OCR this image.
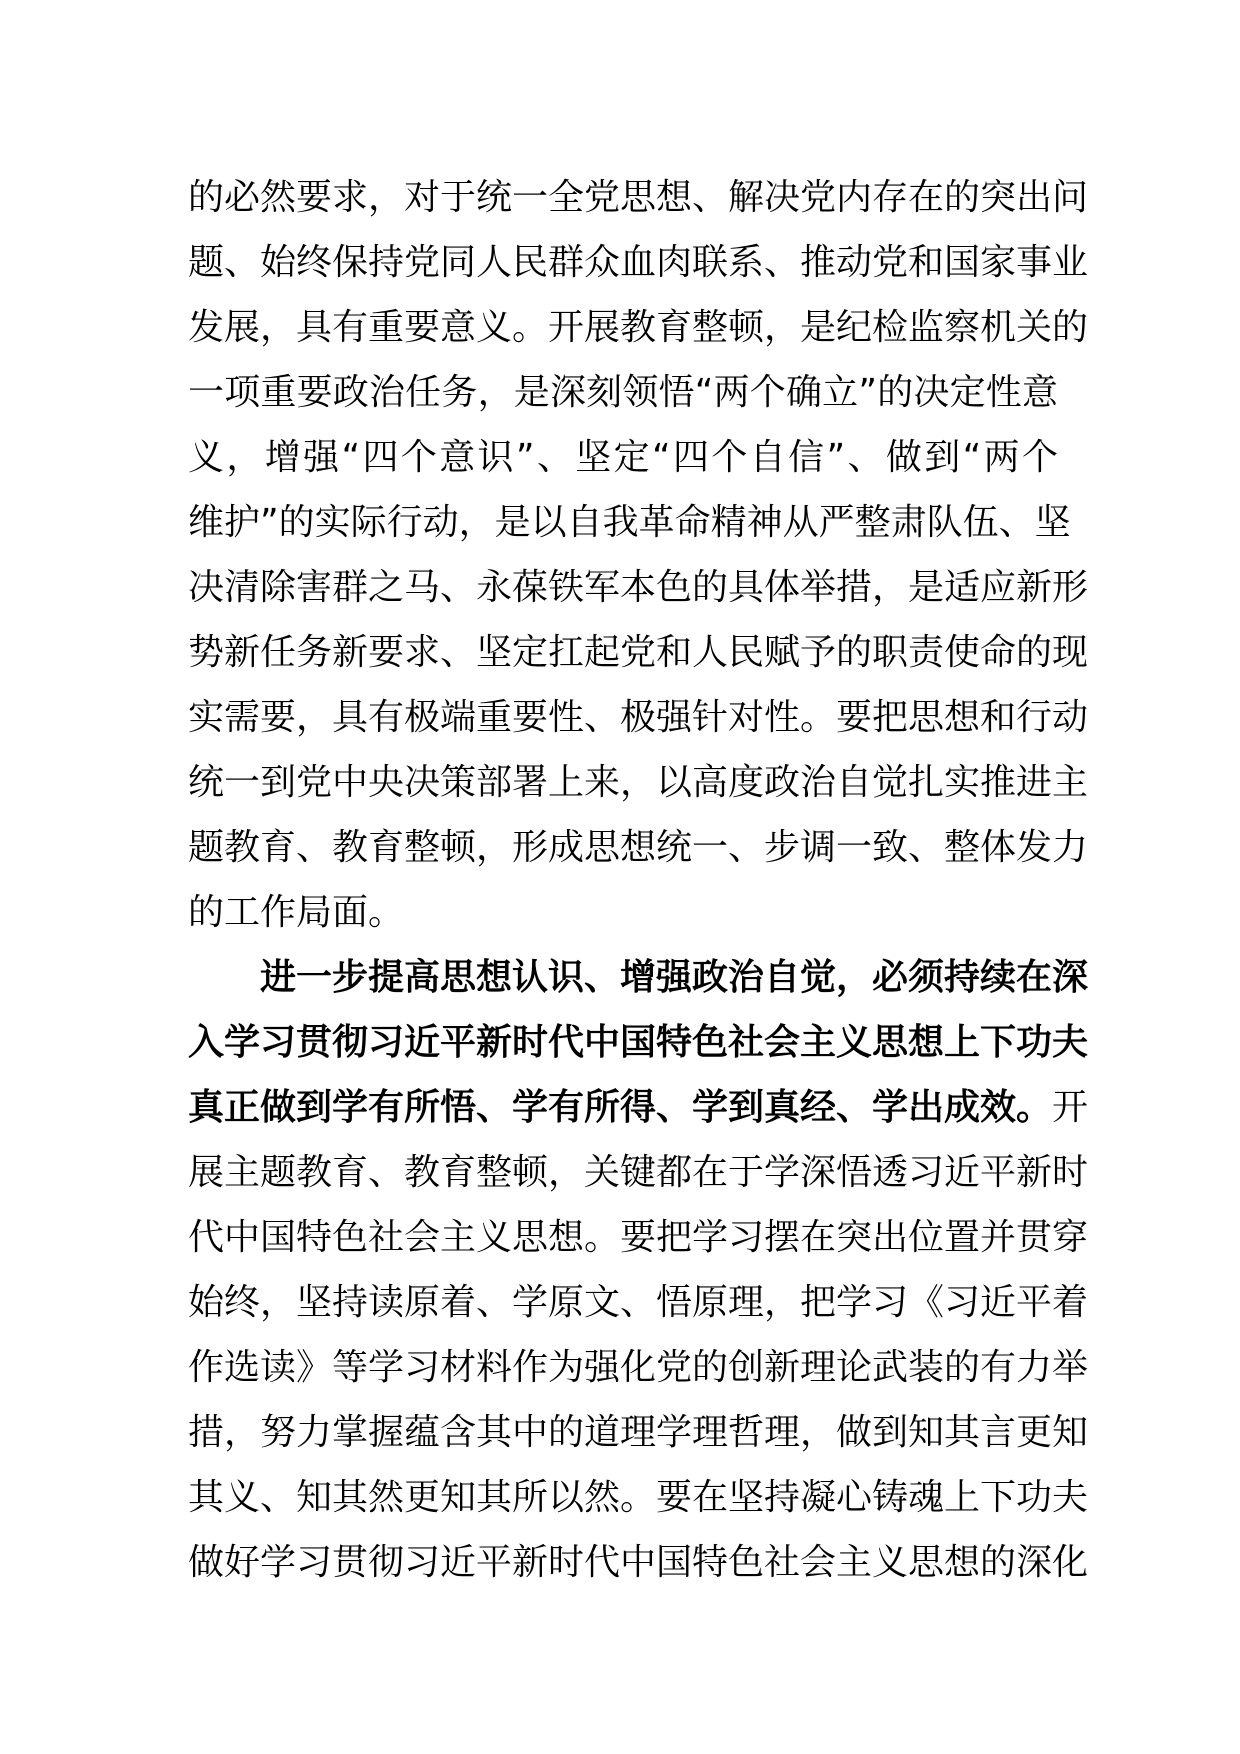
的必然要求，对于统一全党思想、解决党内存在的突出问
题、始终保持党同人民群众血肉联系、推动党和国家事业
发展，具有重要意义。开展教育整顿，是纪检监察机关的
一项重要政治任务，是深刻领悟“两个确立”的决定性意
义，增强“四个意识”、坚定“四个自信”、做到“两个
维护”的实际行动，是以自我革命精神从严整肃队伍、坚
决清除害群之马、永葆铁军本色的具体举措，是适应新形
势新任务新要求、坚定扛起党和人民赋予的职责使命的现
实需要，具有极端重要性、极强针对性。要把思想和行动
统一到党中央决策部署上来，以高度政治自觉扎实推进主
题教育、教育整顿，形成思想统一、步调一致、整体发力
的工作局面。
进一步提高思想认识、增强政治自觉，必须持续在深
入学习贯彻习近平新时代中国特色社会主义思想上下功夫
真正做到学有所悟、学有所得、学到真经、学出成效。开
展主题教育、教育整顿，关键都在于学深悟透习近平新时
代中国特色社会主义思想。要把学习摆在突出位置并贯穿
始终，坚持读原着、学原文、悟原理，把学习《习近平着
作选读》等学习材料作为强化党的创新理论武装的有力举
措，努力掌握蕴含其中的道理学理哲理，做到知其言更知
其义、知其然更知其所以然。要在坚持凝心铸魂上下功夫
做好学习贯彻习近平新时代中国特色社会主义思想的深化
